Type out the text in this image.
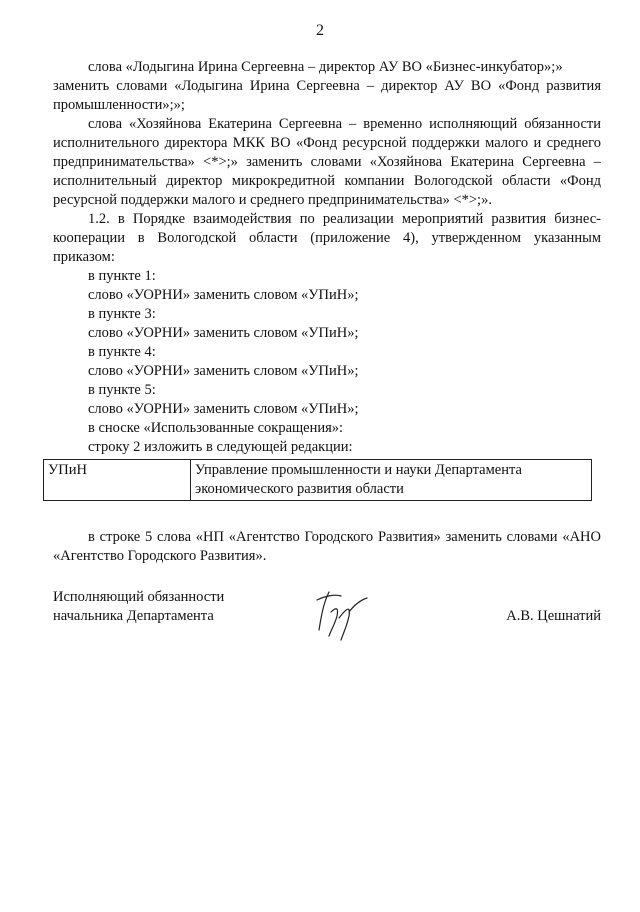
2

слова «Лодыгина Ирина Сергеевна – директор АУ ВО «Бизнес-инкубатор»;»

заменить словами «Лодыгина Ирина Сергеевна – директор АУ ВО «Фонд развития промышленности»;»;

слова «Хозяйнова Екатерина Сергеевна – временно исполняющий обязанности исполнительного директора МКК ВО «Фонд ресурсной поддержки малого и среднего предпринимательства» <*>;» заменить словами «Хозяйнова Екатерина Сергеевна – исполнительный директор микрокредитной компании Вологодской области «Фонд ресурсной поддержки малого и среднего предпринимательства» <*>;».

1.2. в Порядке взаимодействия по реализации мероприятий развития бизнес-кооперации в Вологодской области (приложение 4), утвержденном указанным приказом:

в пункте 1:

слово «УОРНИ» заменить словом «УПиН»;

в пункте 3:

слово «УОРНИ» заменить словом «УПиН»;

в пункте 4:

слово «УОРНИ» заменить словом «УПиН»;

в пункте 5:

слово «УОРНИ» заменить словом «УПиН»;

в сноске «Использованные сокращения»:

строку 2 изложить в следующей редакции:

УПиН	Управление промышленности и науки Департамента экономического развития области

в строке 5 слова «НП «Агентство Городского Развития» заменить словами «АНО «Агентство Городского Развития».

Исполняющий обязанности
начальника Департамента	А.В. Цешнатий
